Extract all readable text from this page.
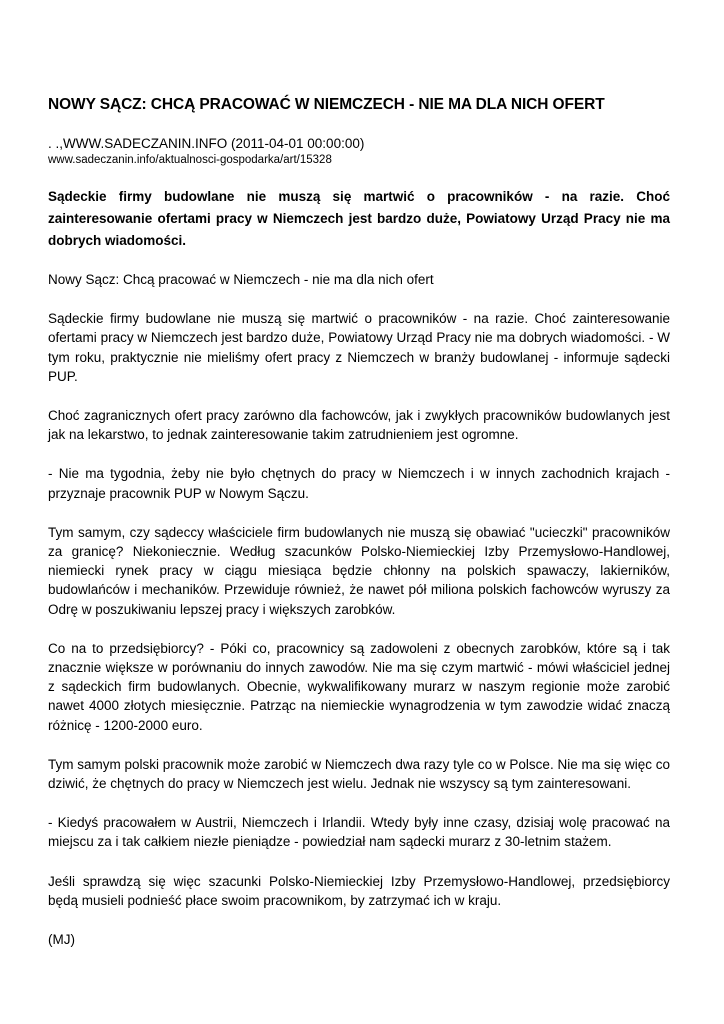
NOWY SĄCZ: CHCĄ PRACOWAĆ W NIEMCZECH - NIE MA DLA NICH OFERT
. .,WWW.SADECZANIN.INFO (2011-04-01 00:00:00)
www.sadeczanin.info/aktualnosci-gospodarka/art/15328

Sądeckie firmy budowlane nie muszą się martwić o pracowników - na razie. Choć zainteresowanie ofertami pracy w Niemczech jest bardzo duże, Powiatowy Urząd Pracy nie ma dobrych wiadomości.

Nowy Sącz: Chcą pracować w Niemczech - nie ma dla nich ofert

Sądeckie firmy budowlane nie muszą się martwić o pracowników - na razie. Choć zainteresowanie ofertami pracy w Niemczech jest bardzo duże, Powiatowy Urząd Pracy nie ma dobrych wiadomości. - W tym roku, praktycznie nie mieliśmy ofert pracy z Niemczech w branży budowlanej - informuje sądecki PUP.

Choć zagranicznych ofert pracy zarówno dla fachowców, jak i zwykłych pracowników budowlanych jest jak na lekarstwo, to jednak zainteresowanie takim zatrudnieniem jest ogromne.

- Nie ma tygodnia, żeby nie było chętnych do pracy w Niemczech i w innych zachodnich krajach - przyznaje pracownik PUP w Nowym Sączu.

Tym samym, czy sądeccy właściciele firm budowlanych nie muszą się obawiać "ucieczki" pracowników za granicę? Niekoniecznie. Według szacunków Polsko-Niemieckiej Izby Przemysłowo-Handlowej, niemiecki rynek pracy w ciągu miesiąca będzie chłonny na polskich spawaczy, lakierników, budowlańców i mechaników. Przewiduje również, że nawet pół miliona polskich fachowców wyruszy za Odrę w poszukiwaniu lepszej pracy i większych zarobków.

Co na to przedsiębiorcy? - Póki co, pracownicy są zadowoleni z obecnych zarobków, które są i tak znacznie większe w porównaniu do innych zawodów. Nie ma się czym martwić - mówi właściciel jednej z sądeckich firm budowlanych. Obecnie, wykwalifikowany murarz w naszym regionie może zarobić nawet 4000 złotych miesięcznie. Patrząc na niemieckie wynagrodzenia w tym zawodzie widać znaczą różnicę - 1200-2000 euro.

Tym samym polski pracownik może zarobić w Niemczech dwa razy tyle co w Polsce. Nie ma się więc co dziwić, że chętnych do pracy w Niemczech jest wielu. Jednak nie wszyscy są tym zainteresowani.

- Kiedyś pracowałem w Austrii, Niemczech i Irlandii. Wtedy były inne czasy, dzisiaj wolę pracować na miejscu za i tak całkiem niezłe pieniądze - powiedział nam sądecki murarz z 30-letnim stażem.

Jeśli sprawdzą się więc szacunki Polsko-Niemieckiej Izby Przemysłowo-Handlowej, przedsiębiorcy będą musieli podnieść płace swoim pracownikom, by zatrzymać ich w kraju.

(MJ)
